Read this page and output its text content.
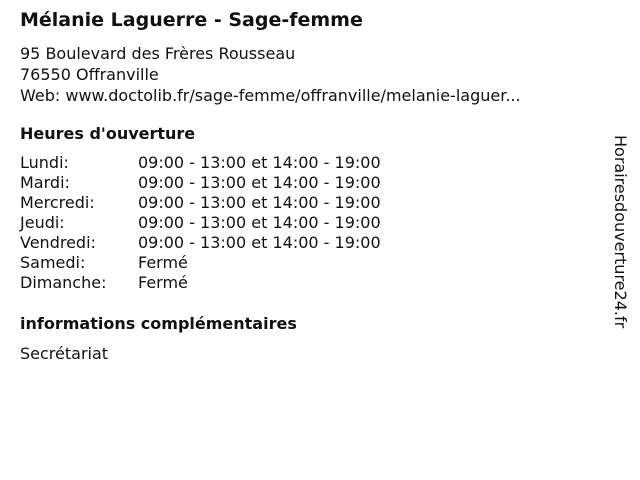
Mélanie Laguerre - Sage-femme
95 Boulevard des Frères Rousseau
76550 Offranville
Web: www.doctolib.fr/sage-femme/offranville/melanie-laguer...
Heures d'ouverture
Lundi:	09:00 - 13:00 et 14:00 - 19:00
Mardi:	09:00 - 13:00 et 14:00 - 19:00
Mercredi:	09:00 - 13:00 et 14:00 - 19:00
Jeudi:	09:00 - 13:00 et 14:00 - 19:00
Vendredi:	09:00 - 13:00 et 14:00 - 19:00
Samedi:	Fermé
Dimanche:	Fermé
informations complémentaires
Secrétariat
Horairesdouverture24.fr
